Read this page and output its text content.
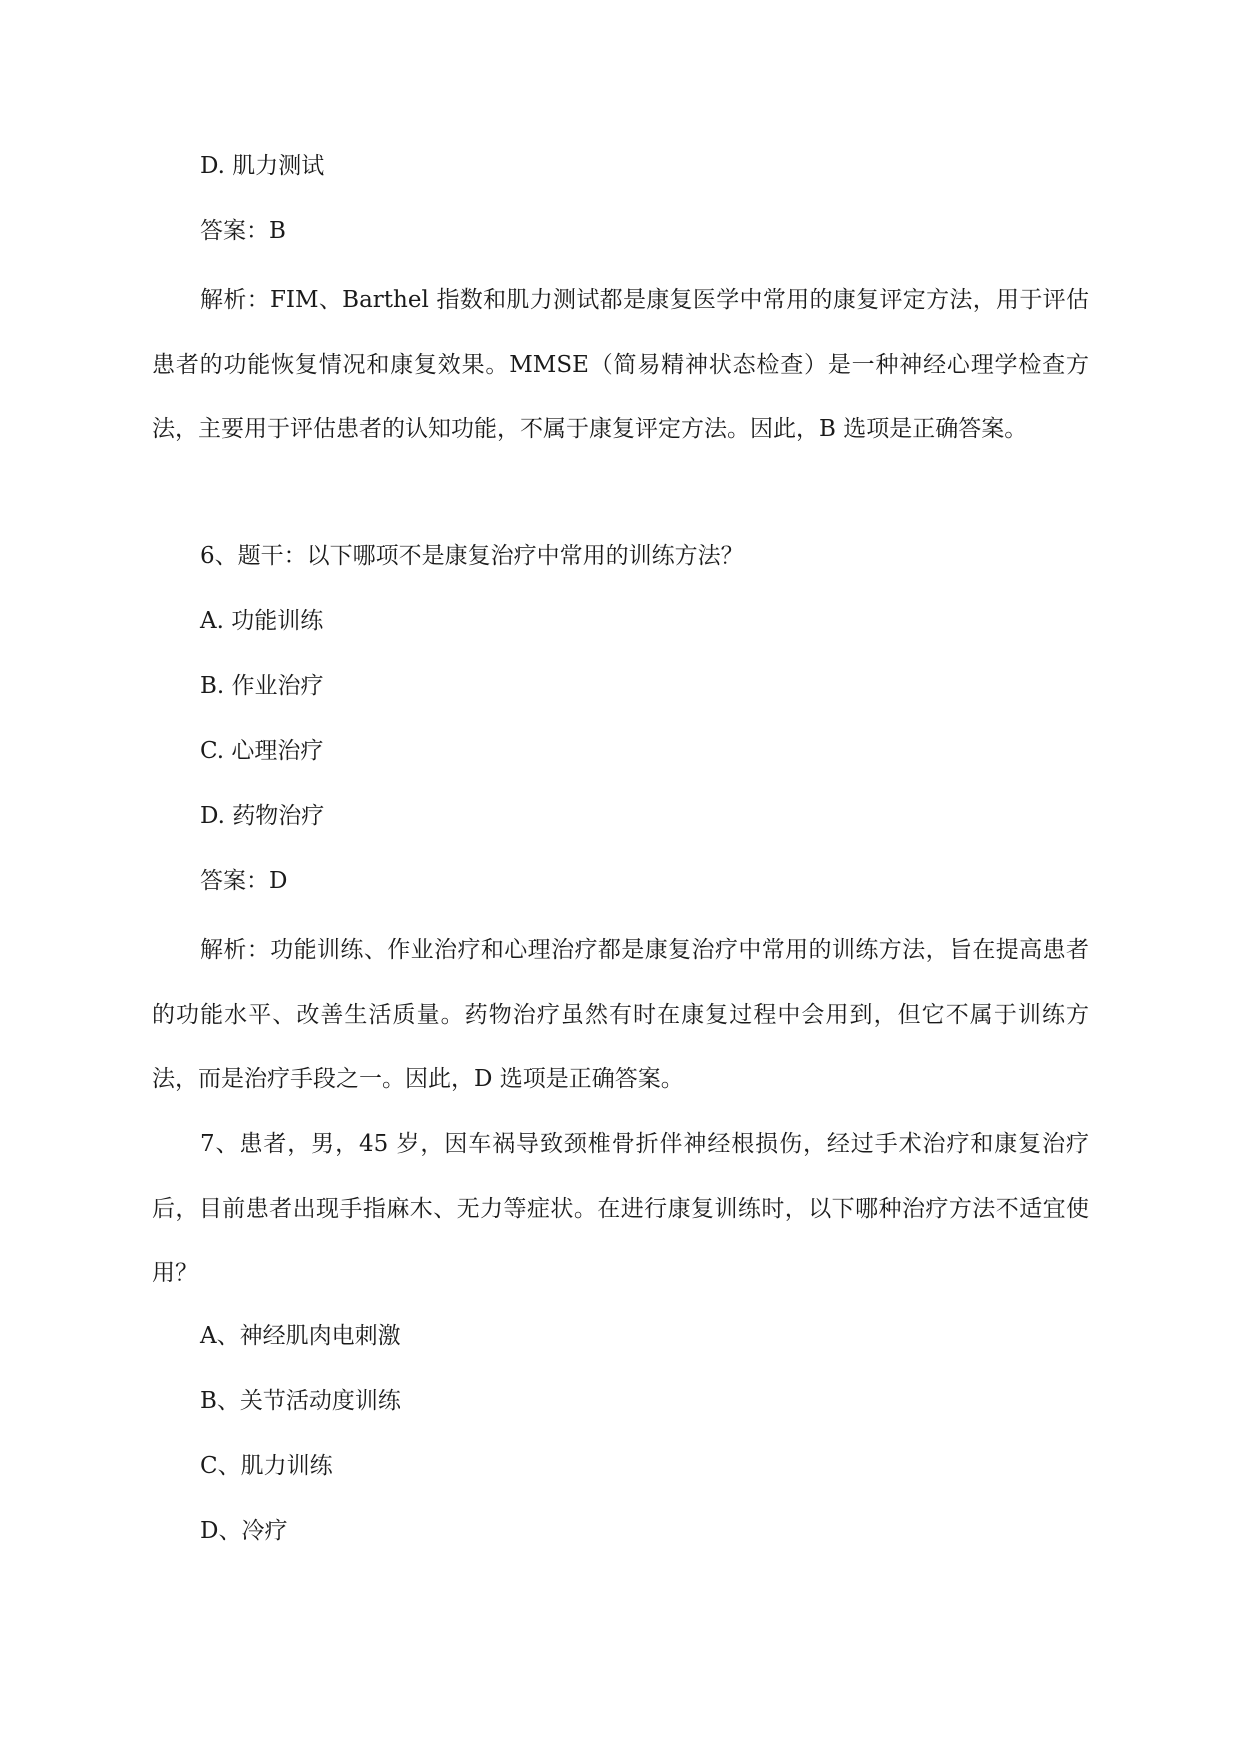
D. 肌力测试
答案：B
解析：FIM、Barthel 指数和肌力测试都是康复医学中常用的康复评定方法，用于评估患者的功能恢复情况和康复效果。MMSE（简易精神状态检查）是一种神经心理学检查方法，主要用于评估患者的认知功能，不属于康复评定方法。因此，B 选项是正确答案。
6、题干：以下哪项不是康复治疗中常用的训练方法？
A. 功能训练
B. 作业治疗
C. 心理治疗
D. 药物治疗
答案：D
解析：功能训练、作业治疗和心理治疗都是康复治疗中常用的训练方法，旨在提高患者的功能水平、改善生活质量。药物治疗虽然有时在康复过程中会用到，但它不属于训练方法，而是治疗手段之一。因此，D 选项是正确答案。
7、患者，男，45 岁，因车祸导致颈椎骨折伴神经根损伤，经过手术治疗和康复治疗后，目前患者出现手指麻木、无力等症状。在进行康复训练时，以下哪种治疗方法不适宜使用？
A、神经肌肉电刺激
B、关节活动度训练
C、肌力训练
D、冷疗
